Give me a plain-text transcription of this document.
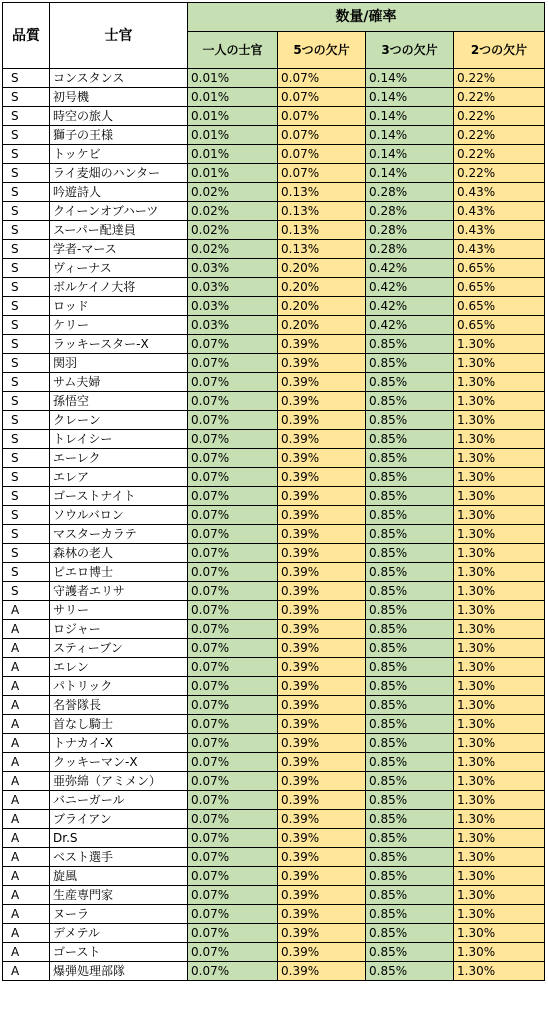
品質	士官	数量/確率			
		一人の士官	5つの欠片	3つの欠片	2つの欠片
S	コンスタンス	0.01%	0.07%	0.14%	0.22%
S	初号機	0.01%	0.07%	0.14%	0.22%
S	時空の旅人	0.01%	0.07%	0.14%	0.22%
S	獅子の王様	0.01%	0.07%	0.14%	0.22%
S	トッケビ	0.01%	0.07%	0.14%	0.22%
S	ライ麦畑のハンター	0.01%	0.07%	0.14%	0.22%
S	吟遊詩人	0.02%	0.13%	0.28%	0.43%
S	クイーンオブハーツ	0.02%	0.13%	0.28%	0.43%
S	スーパー配達員	0.02%	0.13%	0.28%	0.43%
S	学者-マース	0.02%	0.13%	0.28%	0.43%
S	ヴィーナス	0.03%	0.20%	0.42%	0.65%
S	ボルケイノ大将	0.03%	0.20%	0.42%	0.65%
S	ロッド	0.03%	0.20%	0.42%	0.65%
S	ケリー	0.03%	0.20%	0.42%	0.65%
S	ラッキースター-X	0.07%	0.39%	0.85%	1.30%
S	関羽	0.07%	0.39%	0.85%	1.30%
S	サム夫婦	0.07%	0.39%	0.85%	1.30%
S	孫悟空	0.07%	0.39%	0.85%	1.30%
S	クレーン	0.07%	0.39%	0.85%	1.30%
S	トレイシー	0.07%	0.39%	0.85%	1.30%
S	エーレク	0.07%	0.39%	0.85%	1.30%
S	エレア	0.07%	0.39%	0.85%	1.30%
S	ゴーストナイト	0.07%	0.39%	0.85%	1.30%
S	ソウルバロン	0.07%	0.39%	0.85%	1.30%
S	マスターカラテ	0.07%	0.39%	0.85%	1.30%
S	森林の老人	0.07%	0.39%	0.85%	1.30%
S	ピエロ博士	0.07%	0.39%	0.85%	1.30%
S	守護者エリサ	0.07%	0.39%	0.85%	1.30%
A	サリー	0.07%	0.39%	0.85%	1.30%
A	ロジャー	0.07%	0.39%	0.85%	1.30%
A	スティーブン	0.07%	0.39%	0.85%	1.30%
A	エレン	0.07%	0.39%	0.85%	1.30%
A	パトリック	0.07%	0.39%	0.85%	1.30%
A	名誉隊長	0.07%	0.39%	0.85%	1.30%
A	首なし騎士	0.07%	0.39%	0.85%	1.30%
A	トナカイ-X	0.07%	0.39%	0.85%	1.30%
A	クッキーマン-X	0.07%	0.39%	0.85%	1.30%
A	亜弥綿（アミメン）	0.07%	0.39%	0.85%	1.30%
A	バニーガール	0.07%	0.39%	0.85%	1.30%
A	ブライアン	0.07%	0.39%	0.85%	1.30%
A	Dr.S	0.07%	0.39%	0.85%	1.30%
A	ベスト選手	0.07%	0.39%	0.85%	1.30%
A	旋風	0.07%	0.39%	0.85%	1.30%
A	生産専門家	0.07%	0.39%	0.85%	1.30%
A	ヌーラ	0.07%	0.39%	0.85%	1.30%
A	デメテル	0.07%	0.39%	0.85%	1.30%
A	ゴースト	0.07%	0.39%	0.85%	1.30%
A	爆弾処理部隊	0.07%	0.39%	0.85%	1.30%
